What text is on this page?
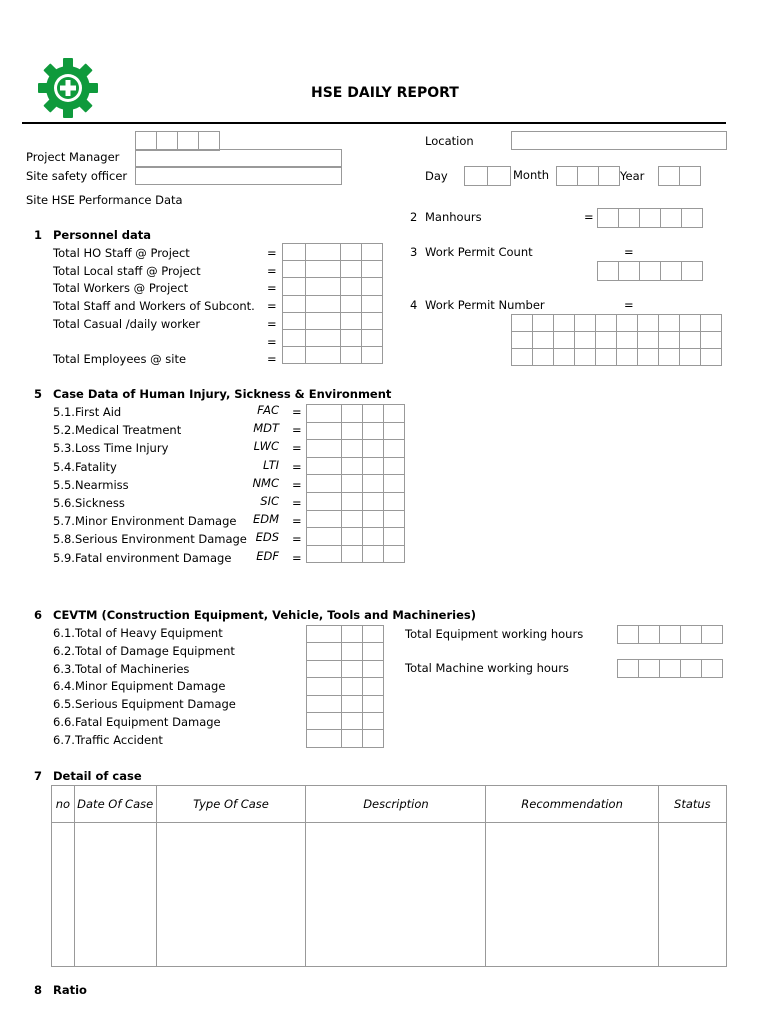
HSE DAILY REPORT

Project Manager
Site safety officer
Location
Day
		Month
			Year

Site HSE Performance Data
2 Manhours	=

3 Work Permit Count	=

4 Work Permit Number	=

1 Personnel data
Total HO Staff @ Project	=
Total Local staff @ Project	=
Total Workers @ Project	=
Total Staff and Workers of Subcont. =
Total Casual /daily worker	=
=
Total Employees @ site	=

5 Case Data of Human Injury, Sickness & Environment
5.1. First Aid	FAC =
5.2. Medical Treatment	MDT =
5.3. Loss Time Injury	LWC =
5.4. Fatality	LTI =
5.5. Nearmiss	NMC =
5.6. Sickness	SIC =
5.7. Minor Environment Damage EDM =
5.8. Serious Environment Damage EDS =
5.9. Fatal environment Damage EDF =

6 CEVTM (Construction Equipment, Vehicle, Tools and Machineries)
6.1. Total of Heavy Equipment
6.2. Total of Damage Equipment
6.3. Total of Machineries
6.4. Minor Equipment Damage
6.5. Serious Equipment Damage
6.6. Fatal Equipment Damage
6.7. Traffic Accident

Total Equipment working hours

Total Machine working hours

7 Detail of case
no	Date Of Case	Type Of Case	Description	Recommendation	Status

8 Ratio
